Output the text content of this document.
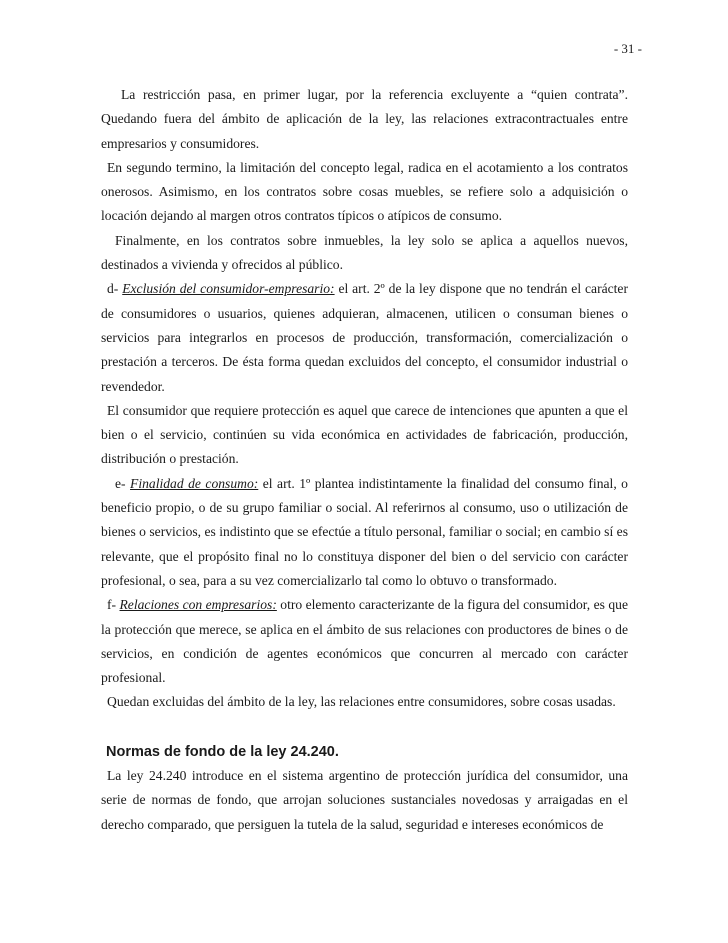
- 31 -

La restricción pasa, en primer lugar, por la referencia excluyente a “quien contrata”. Quedando fuera del ámbito de aplicación de la ley, las relaciones extracontractuales entre empresarios y consumidores.

En segundo termino, la limitación del concepto legal, radica en el acotamiento a los contratos onerosos. Asimismo, en los contratos sobre cosas muebles, se refiere solo a adquisición o locación dejando al margen otros contratos típicos o atípicos de consumo.

Finalmente, en los contratos sobre inmuebles, la ley solo se aplica a aquellos nuevos, destinados a vivienda y ofrecidos al público.

d- Exclusión del consumidor-empresario: el art. 2º de la ley dispone que no tendrán el carácter de consumidores o usuarios, quienes adquieran, almacenen, utilicen o consuman bienes o servicios para integrarlos en procesos de producción, transformación, comercialización o prestación a terceros. De ésta forma quedan excluidos del concepto, el consumidor industrial o revendedor.

El consumidor que requiere protección es aquel que carece de intenciones que apunten a que el bien o el servicio, continúen su vida económica en actividades de fabricación, producción, distribución o prestación.

e- Finalidad de consumo: el art. 1º plantea indistintamente la finalidad del consumo final, o beneficio propio, o de su grupo familiar o social. Al referirnos al consumo, uso o utilización de bienes o servicios, es indistinto que se efectúe a título personal, familiar o social; en cambio sí es relevante, que el propósito final no lo constituya disponer del bien o del servicio con carácter profesional, o sea, para a su vez comercializarlo tal como lo obtuvo o transformado.

f- Relaciones con empresarios: otro elemento caracterizante de la figura del consumidor, es que la protección que merece, se aplica en el ámbito de sus relaciones con productores de bines o de servicios, en condición de agentes económicos que concurren al mercado con carácter profesional.

Quedan excluidas del ámbito de la ley, las relaciones entre consumidores, sobre cosas usadas.

Normas de fondo de la ley 24.240.

La ley 24.240 introduce en el sistema argentino de protección jurídica del consumidor, una serie de normas de fondo, que arrojan soluciones sustanciales novedosas y arraigadas en el derecho comparado, que persiguen la tutela de la salud, seguridad e intereses económicos de
